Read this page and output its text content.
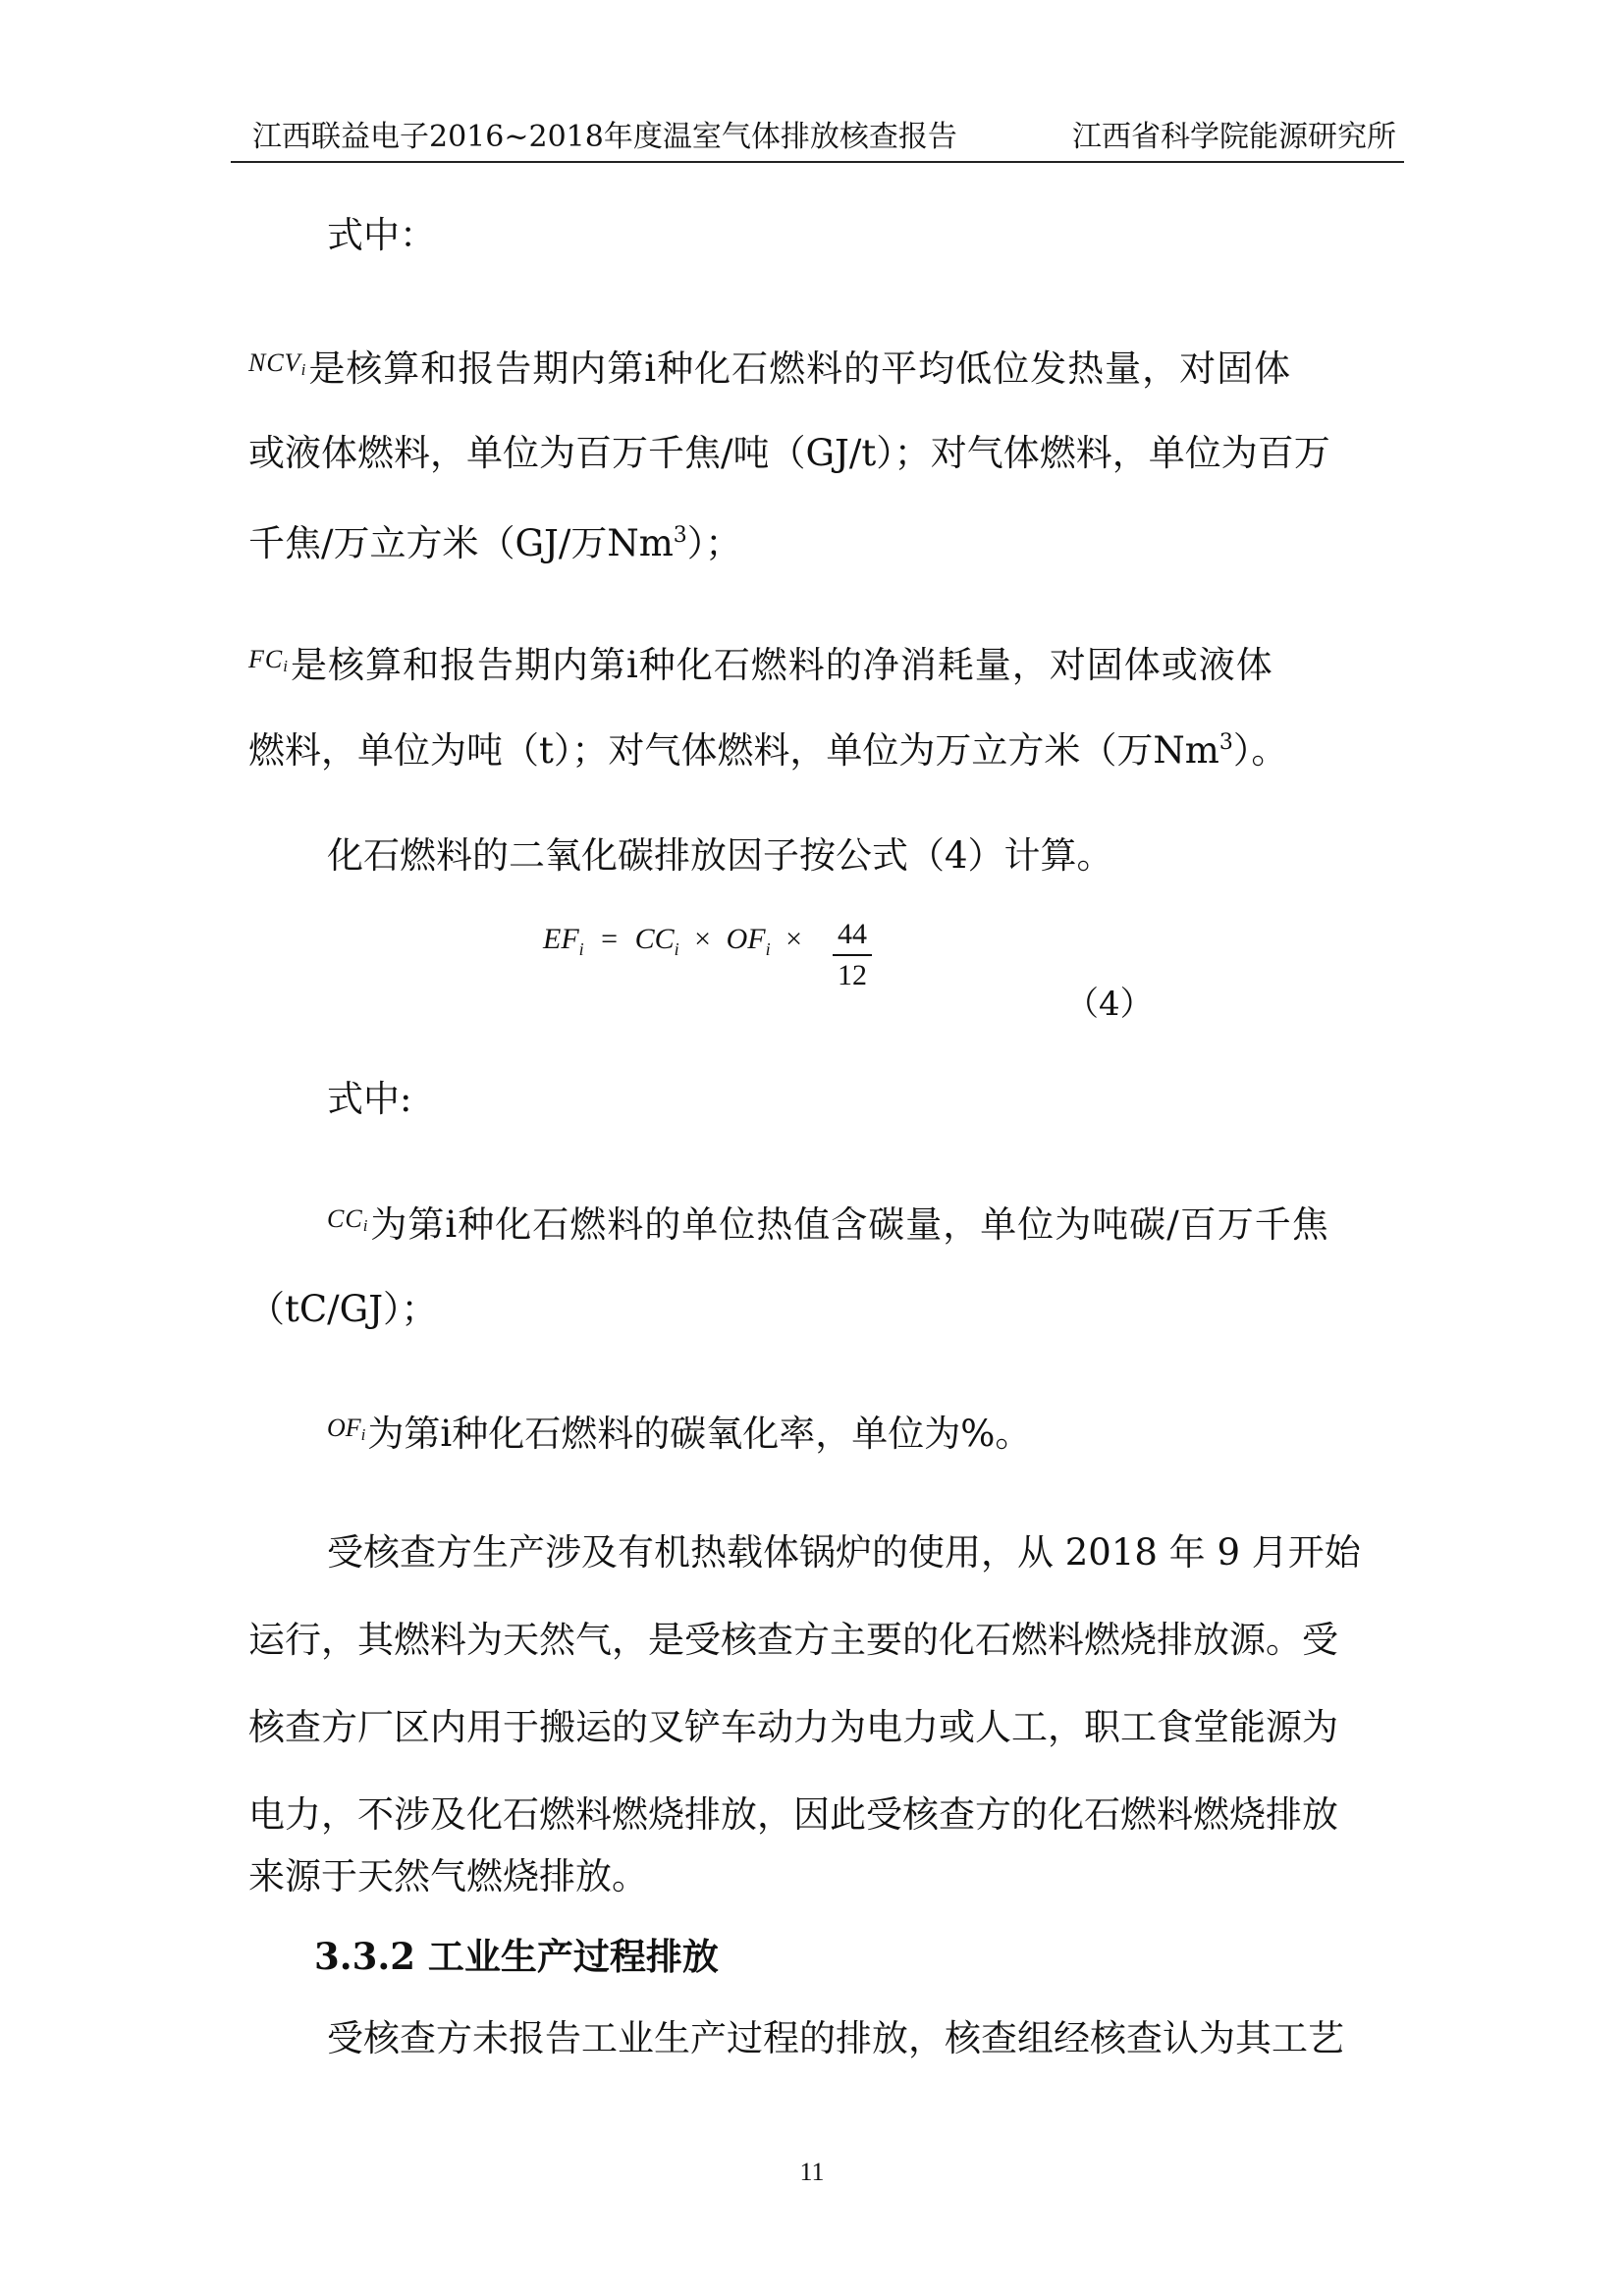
江西联益电子2016~2018年度温室气体排放核查报告	江西省科学院能源研究所
式中：
$^{NCV_i}$是核算和报告期内第i种化石燃料的平均低位发热量，对固体
或液体燃料，单位为百万千焦/吨（GJ/t）；对气体燃料，单位为百万
千焦/万立方米（GJ/万Nm$^3$）；
$^{FC_i}$是核算和报告期内第i种化石燃料的净消耗量，对固体或液体
燃料，单位为吨（t）；对气体燃料，单位为万立方米（万Nm$^3$）。
化石燃料的二氧化碳排放因子按公式（4）计算。
$EF_i = CC_i \times OF_i \times 44$
12
（4）
式中:
$^{CC_i}$为第i种化石燃料的单位热值含碳量，单位为吨碳/百万千焦
（tC/GJ）；
$^{OF_i}$为第i种化石燃料的碳氧化率，单位为%。
受核查方生产涉及有机热载体锅炉的使用，从 2018 年 9 月开始
运行，其燃料为天然气，是受核查方主要的化石燃料燃烧排放源。受
核查方厂区内用于搬运的叉铲车动力为电力或人工，职工食堂能源为
电力，不涉及化石燃料燃烧排放，因此受核查方的化石燃料燃烧排放
来源于天然气燃烧排放。
3.3.2 工业生产过程排放
受核查方未报告工业生产过程的排放，核查组经核查认为其工艺
11
